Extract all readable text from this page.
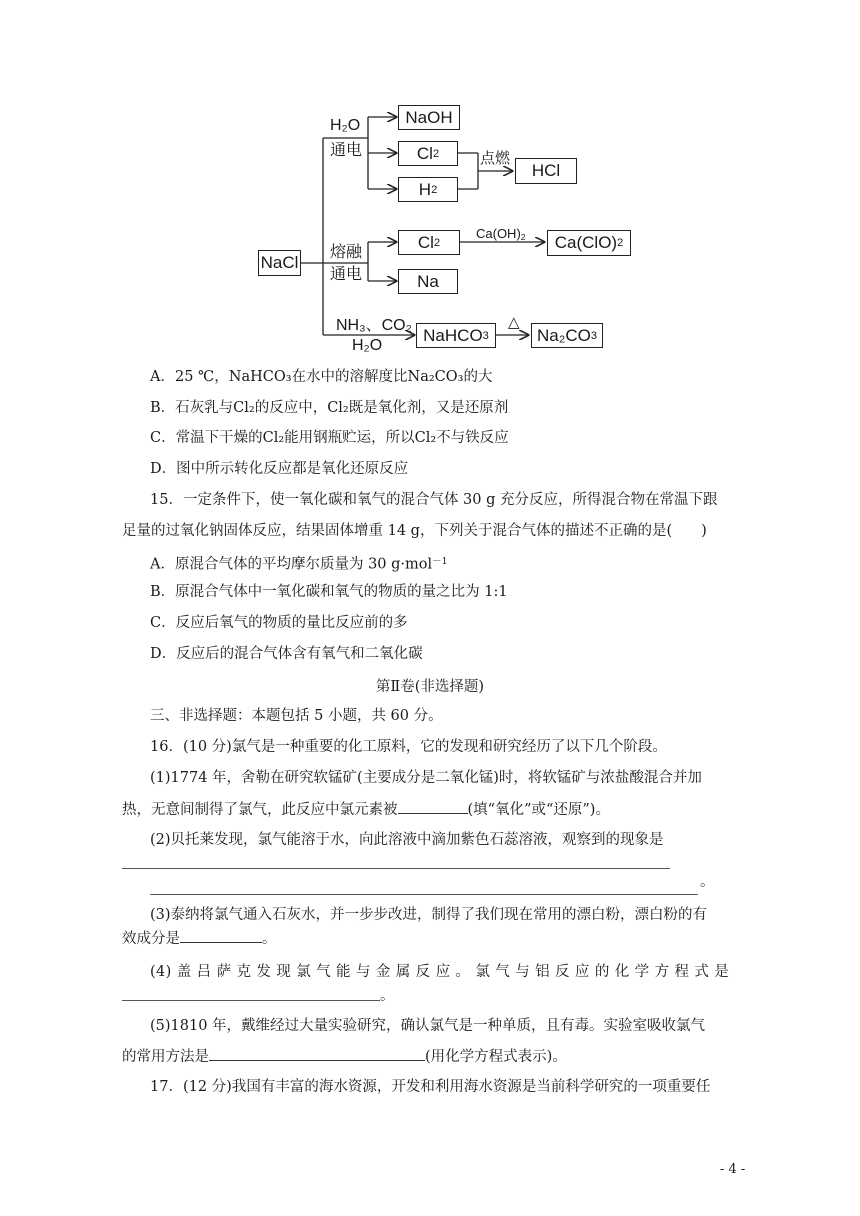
NaCl
H₂O
通电
NaOH
Cl 2
H 2
点燃
HCl
熔融
通电
Cl 2
$Ca(OH)_2$ Ca(ClO) 2
Na
NH₃、CO₂
H₂O
NaHCO 3
△
Na₂CO 3
A．25 ℃，NaHCO₃在水中的溶解度比Na₂CO₃的大
B．石灰乳与Cl₂的反应中，Cl₂既是氧化剂，又是还原剂
C．常温下干燥的Cl₂能用钢瓶贮运，所以Cl₂不与铁反应
D．图中所示转化反应都是氧化还原反应
15．一定条件下，使一氧化碳和氧气的混合气体 30 g 充分反应，所得混合物在常温下跟
足量的过氧化钠固体反应，结果固体增重 14 g，下列关于混合气体的描述不正确的是(　　)
A．原混合气体的平均摩尔质量为 30 g·mol$^{-1}$
B．原混合气体中一氧化碳和氧气的物质的量之比为 1:1
C．反应后氧气的物质的量比反应前的多
D．反应后的混合气体含有氧气和二氧化碳
第Ⅱ卷(非选择题)
三、非选择题：本题包括 5 小题，共 60 分。
16．(10 分)氯气是一种重要的化工原料，它的发现和研究经历了以下几个阶段。
(1)1774 年，舍勒在研究软锰矿(主要成分是二氧化锰)时，将软锰矿与浓盐酸混合并加
热，无意间制得了氯气，此反应中氯元素被	(填“氧化”或“还原”)。
(2)贝托莱发现，氯气能溶于水，向此溶液中滴加紫色石蕊溶液，观察到的现象是
。
(3)泰纳将氯气通入石灰水，并一步步改进，制得了我们现在常用的漂白粉，漂白粉的有
效成分是	。
(4) 盖 吕 萨 克 发 现 氯 气 能 与 金 属 反 应 。 氯 气 与 铝 反 应 的 化 学 方 程 式 是
。
(5)1810 年，戴维经过大量实验研究，确认氯气是一种单质，且有毒。实验室吸收氯气
的常用方法是	(用化学方程式表示)。
17．(12 分)我国有丰富的海水资源，开发和利用海水资源是当前科学研究的一项重要任
- 4 -
